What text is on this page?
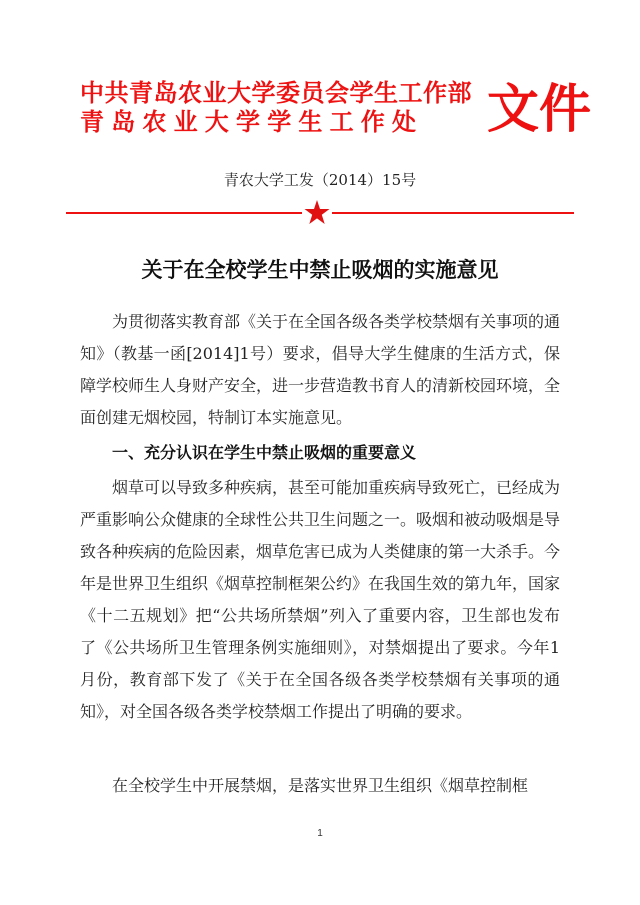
中共青岛农业大学委员会学生工作部
青岛农业大学学生工作处 文件
青农大学工发（2014）15号
关于在全校学生中禁止吸烟的实施意见

为贯彻落实教育部《关于在全国各级各类学校禁烟有关事项的通知》（教基一函[2014]1号）要求，倡导大学生健康的生活方式，保障学校师生人身财产安全，进一步营造教书育人的清新校园环境，全面创建无烟校园，特制订本实施意见。

一、充分认识在学生中禁止吸烟的重要意义

烟草可以导致多种疾病，甚至可能加重疾病导致死亡，已经成为严重影响公众健康的全球性公共卫生问题之一。吸烟和被动吸烟是导致各种疾病的危险因素，烟草危害已成为人类健康的第一大杀手。今年是世界卫生组织《烟草控制框架公约》在我国生效的第九年，国家《十二五规划》把“公共场所禁烟”列入了重要内容，卫生部也发布了《公共场所卫生管理条例实施细则》，对禁烟提出了要求。今年1月份，教育部下发了《关于在全国各级各类学校禁烟有关事项的通知》，对全国各级各类学校禁烟工作提出了明确的要求。

在全校学生中开展禁烟，是落实世界卫生组织《烟草控制框

1
